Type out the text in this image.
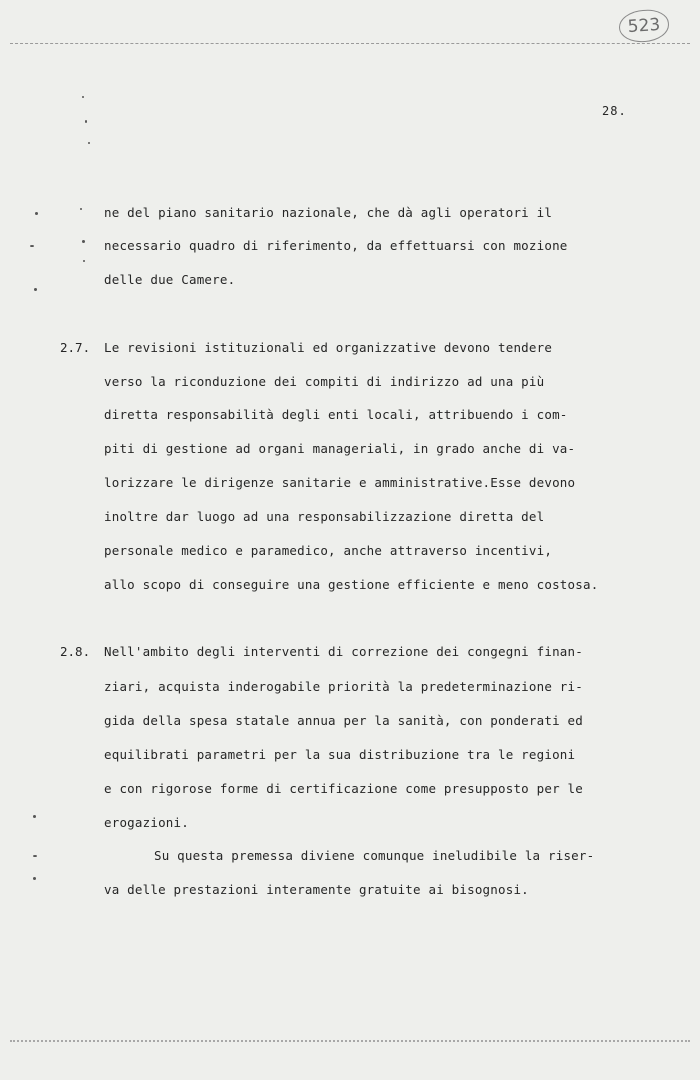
523
28.
ne del piano sanitario nazionale, che dà agli operatori il
necessario quadro di riferimento, da effettuarsi con mozione
delle due Camere.
2.7. Le revisioni istituzionali ed organizzative devono tendere
verso la riconduzione dei compiti di indirizzo ad una più
diretta responsabilità degli enti locali, attribuendo i com-
piti di gestione ad organi manageriali, in grado anche di va-
lorizzare le dirigenze sanitarie e amministrative.Esse devono
inoltre dar luogo ad una responsabilizzazione diretta del
personale medico e paramedico, anche attraverso incentivi,
allo scopo di conseguire una gestione efficiente e meno costosa.
2.8. Nell'ambito degli interventi di correzione dei congegni finan-
ziari, acquista inderogabile priorità la predeterminazione ri-
gida della spesa statale annua per la sanità, con ponderati ed
equilibrati parametri per la sua distribuzione tra le regioni
e con rigorose forme di certificazione come presupposto per le
erogazioni.
Su questa premessa diviene comunque ineludibile la riser-
va delle prestazioni interamente gratuite ai bisognosi.
